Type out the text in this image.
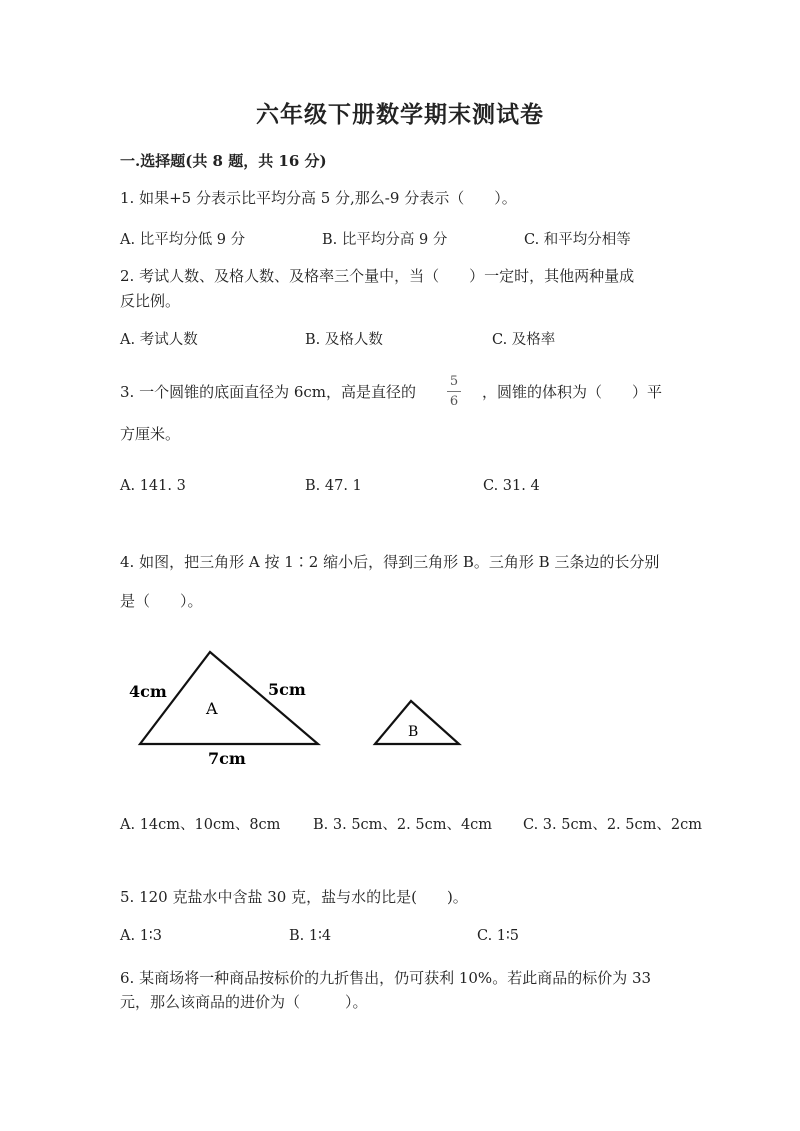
六年级下册数学期末测试卷
一.选择题(共 8 题，共 16 分)
1. 如果+5 分表示比平均分高 5 分,那么-9 分表示（　　）。
A. 比平均分低 9 分	B. 比平均分高 9 分	C. 和平均分相等
2. 考试人数、及格人数、及格率三个量中，当（　　）一定时，其他两种量成
反比例。
A. 考试人数	B. 及格人数	C. 及格率
3. 一个圆锥的底面直径为 6cm，高是直径的
5
6
，圆锥的体积为（　　）平
方厘米。
A. 141. 3	B. 47. 1	C. 31. 4
4. 如图，把三角形 A 按 1∶2 缩小后，得到三角形 B。三角形 B 三条边的长分别
是（　　）。
A
B
4cm	5cm
7cm
A. 14cm、10cm、8cm B. 3. 5cm、2. 5cm、4cm C. 3. 5cm、2. 5cm、2cm
5. 120 克盐水中含盐 30 克，盐与水的比是(　　)。
A. 1∶3	B. 1∶4	C. 1∶5
6. 某商场将一种商品按标价的九折售出，仍可获利 10%。若此商品的标价为 33
元，那么该商品的进价为（　　　）。
